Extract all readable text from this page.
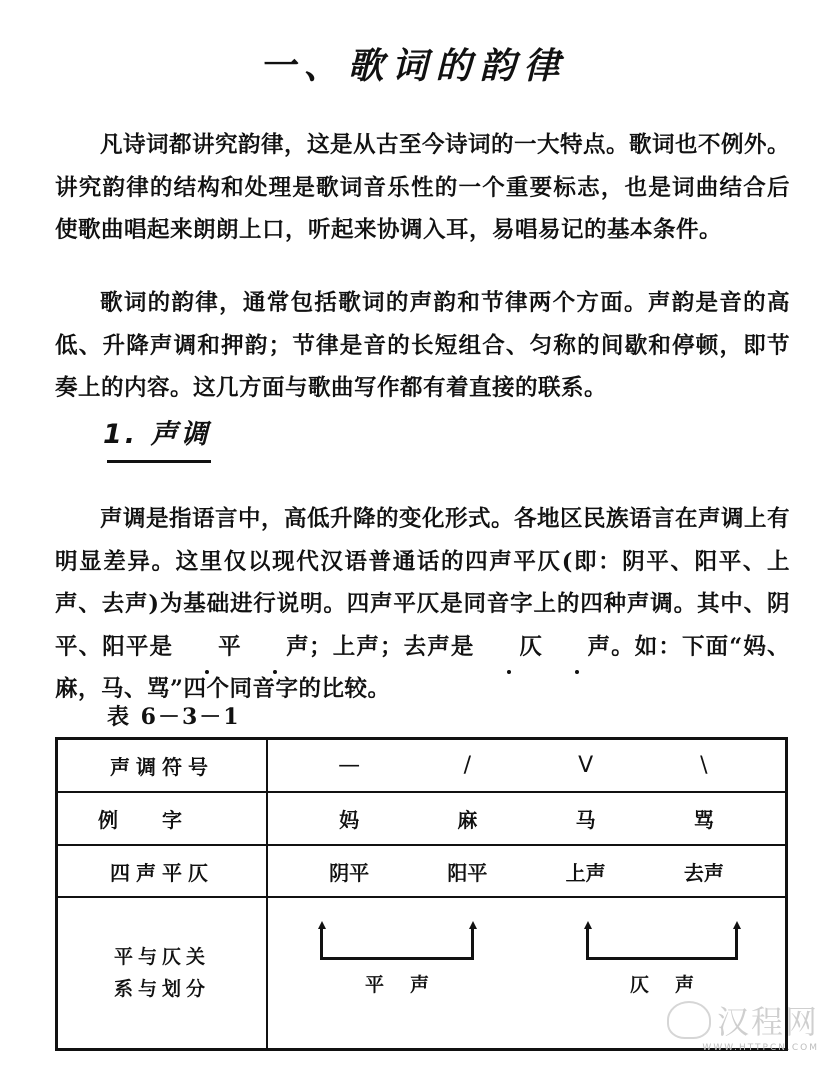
一、歌词的韵律

凡诗词都讲究韵律，这是从古至今诗词的一大特点。歌词也不例外。讲究韵律的结构和处理是歌词音乐性的一个重要标志，也是词曲结合后使歌曲唱起来朗朗上口，听起来协调入耳，易唱易记的基本条件。

歌词的韵律，通常包括歌词的声韵和节律两个方面。声韵是音的高低、升降声调和押韵；节律是音的长短组合、匀称的间歇和停顿，即节奏上的内容。这几方面与歌曲写作都有着直接的联系。

1. 声调

声调是指语言中，高低升降的变化形式。各地区民族语言在声调上有明显差异。这里仅以现代汉语普通话的四声平仄(即：阴平、阳平、上声、去声)为基础进行说明。四声平仄是同音字上的四种声调。其中、阴平、阳平是 平 声；上声；去声是 仄 声。如：下面“妈、麻，马、骂”四个同音字的比较。

表 6－3－1
声调符号	— / V \

例字	妈 麻 马 骂

四声平仄	阴平 阳平 上声 去声

平与仄关
系与划分	平声	仄声
汉程网
WWW.HTTPCN.COM
